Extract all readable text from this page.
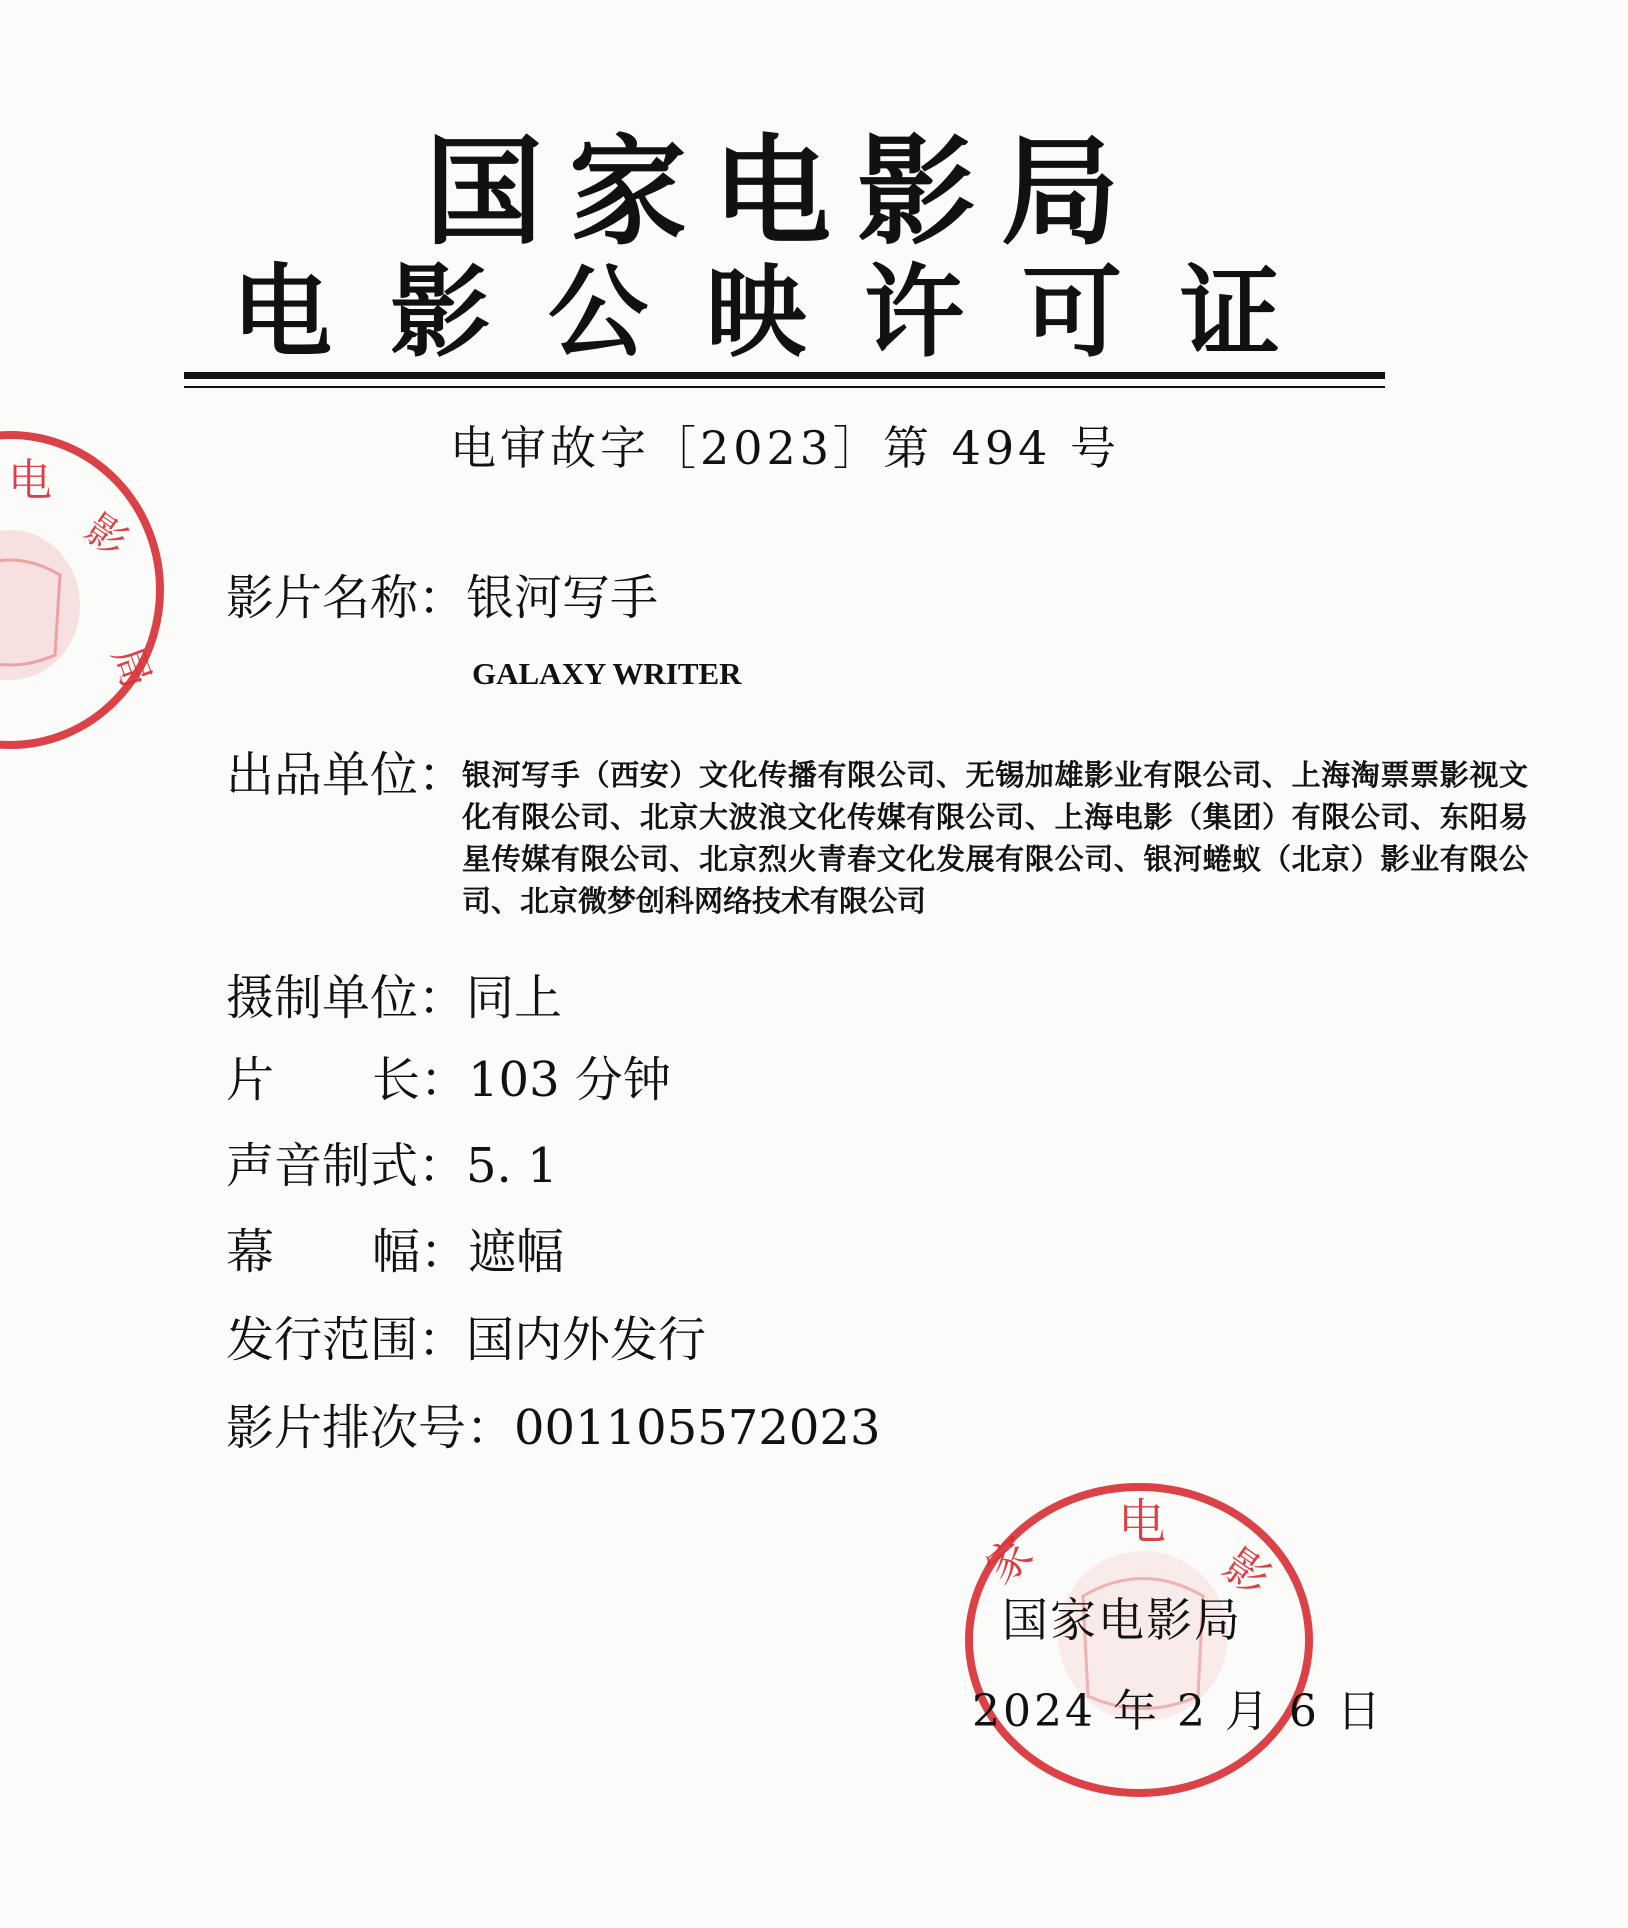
电
影
局
电
影
家
国家电影局
电影公映许可证
电审故字［2023］第 494 号
影片名称：银河写手
GALAXY WRITER
出品单位：
银河写手（西安）文化传播有限公司、无锡加雄影业有限公司、上海淘票票影视文化有限公司、北京大波浪文化传媒有限公司、上海电影（集团）有限公司、东阳易星传媒有限公司、北京烈火青春文化发展有限公司、银河蜷蚁（北京）影业有限公司、北京微梦创科网络技术有限公司
摄制单位：同上
片 长：103 分钟
声音制式：5. 1
幕 幅：遮幅
发行范围：国内外发行
影片排次号：001105572023
国家电影局
2024 年 2 月 6 日
